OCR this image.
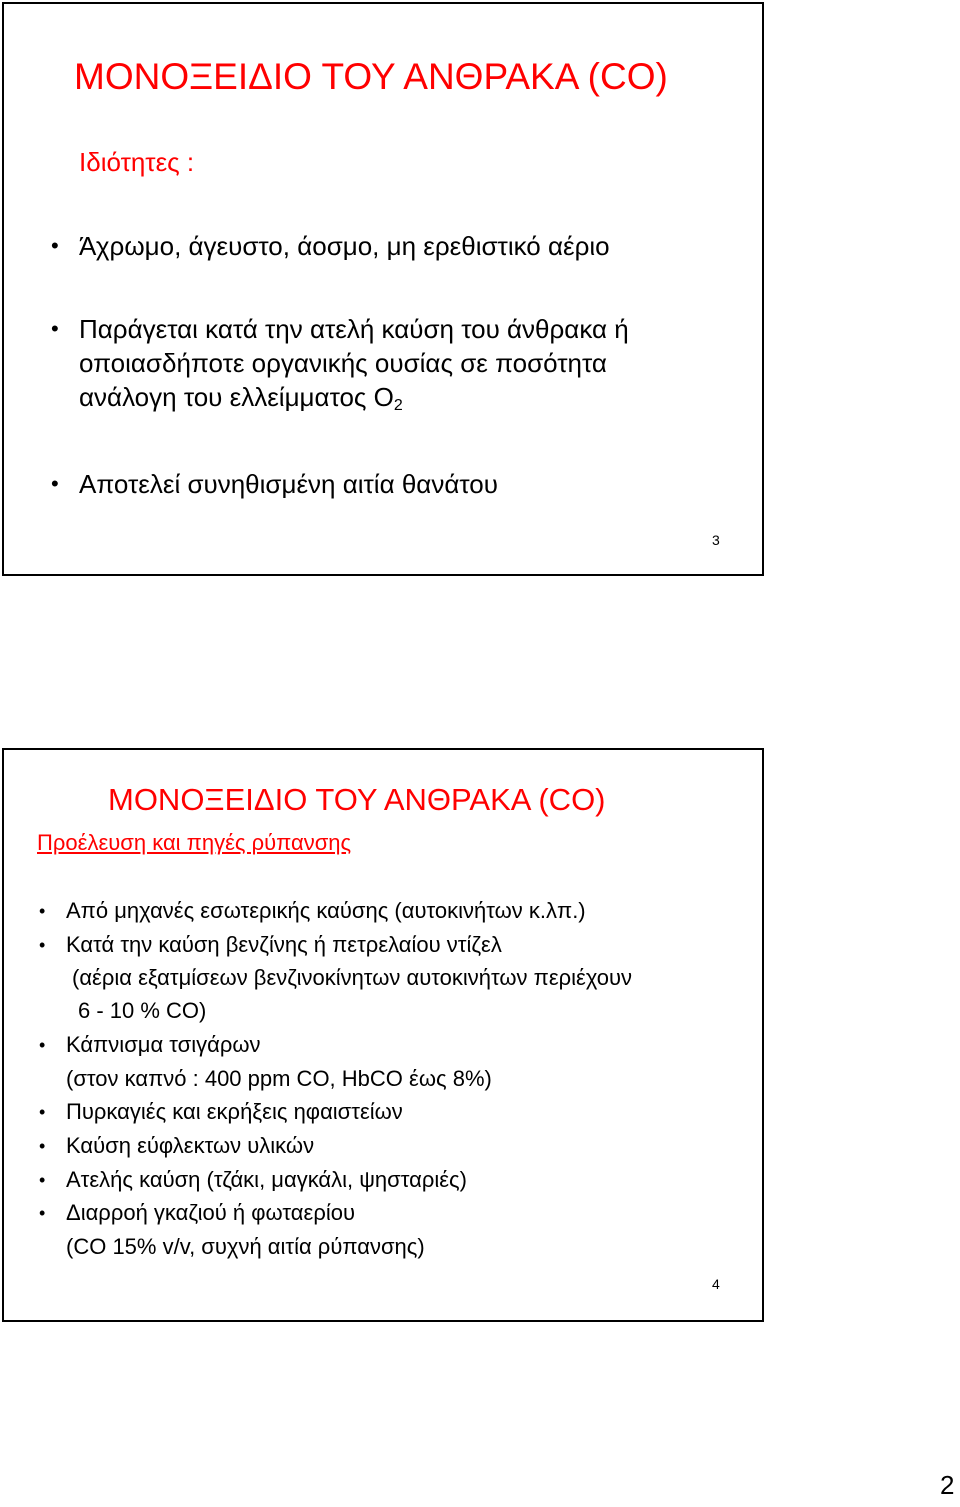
ΜΟΝΟΞΕΙΔΙΟ ΤΟΥ ΑΝΘΡΑΚΑ (CO)
Ιδιότητες :
• Άχρωμο, άγευστο, άοσμο, μη ερεθιστικό αέριο
• Παράγεται κατά την ατελή καύση του άνθρακα ή
οποιασδήποτε οργανικής ουσίας σε ποσότητα
ανάλογη του ελλείμματος $O_2$
• Αποτελεί συνηθισμένη αιτία θανάτου
3
ΜΟΝΟΞΕΙΔΙΟ ΤΟΥ ΑΝΘΡΑΚΑ (CO)
Προέλευση και πηγές ρύπανσης
• Από μηχανές εσωτερικής καύσης (αυτοκινήτων κ.λπ.)
• Κατά την καύση βενζίνης ή πετρελαίου ντίζελ
(αέρια εξατμίσεων βενζινοκίνητων αυτοκινήτων περιέχουν
6 - 10 % CO)
• Κάπνισμα τσιγάρων
(στον καπνό : 400 ppm CO, HbCO έως 8%)
• Πυρκαγιές και εκρήξεις ηφαιστείων
• Καύση εύφλεκτων υλικών
• Ατελής καύση (τζάκι, μαγκάλι, ψησταριές)
• Διαρροή γκαζιού ή φωταερίου
(CO 15% v/v, συχνή αιτία ρύπανσης)
4
2
